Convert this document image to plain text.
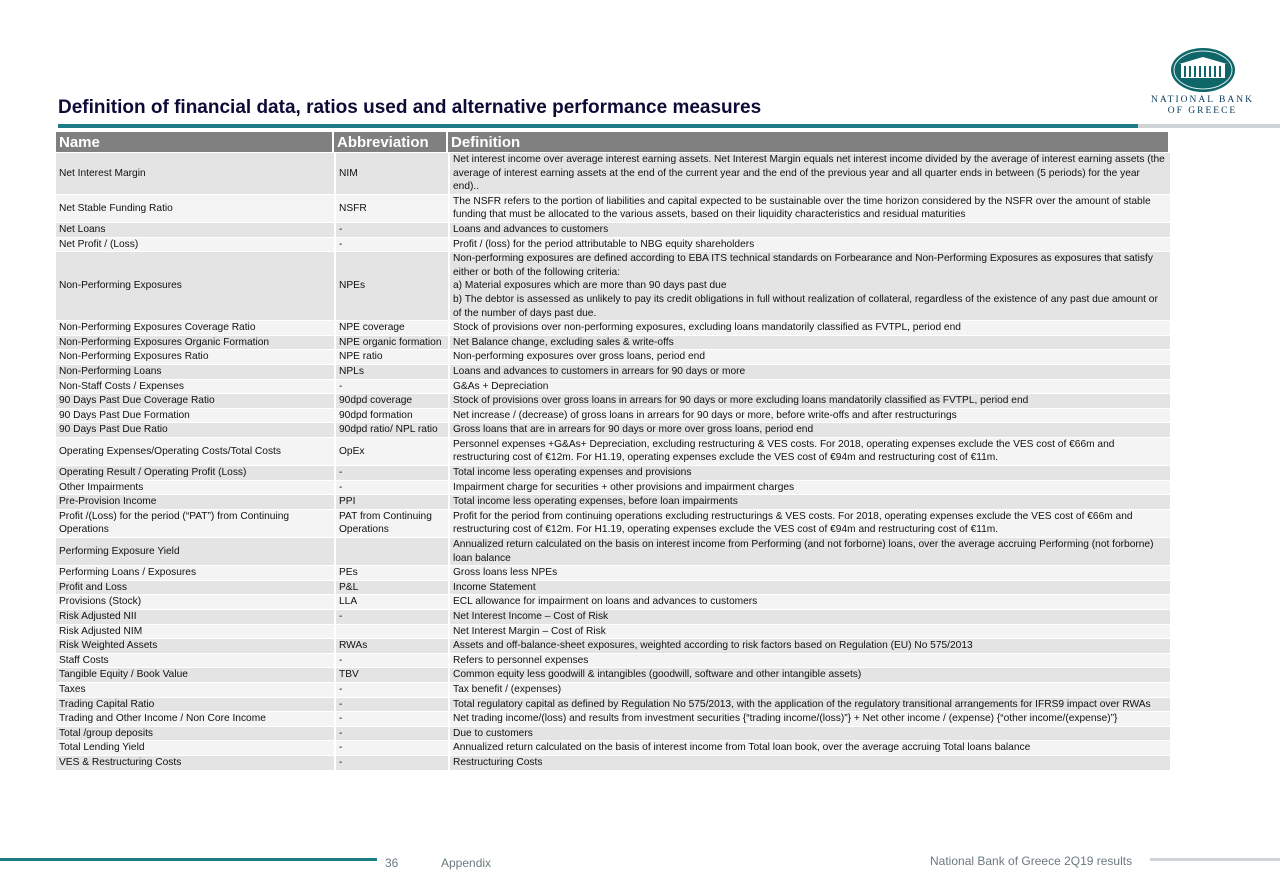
Definition of financial data, ratios used and alternative performance measures	NATIONAL BANK
OF GREECE
Name	Abbreviation	Definition
Net Interest Margin	NIM	Net interest income over average interest earning assets. Net Interest Margin equals net interest income divided by the average of interest earning assets (the average of interest earning assets at the end of the current year and the end of the previous year and all quarter ends in between (5 periods) for the year end)..
Net Stable Funding Ratio	NSFR	The NSFR refers to the portion of liabilities and capital expected to be sustainable over the time horizon considered by the NSFR over the amount of stable funding that must be allocated to the various assets, based on their liquidity characteristics and residual maturities
Net Loans	-	Loans and advances to customers
Net Profit / (Loss)	-	Profit / (loss) for the period attributable to NBG equity shareholders
Non-Performing Exposures	NPEs	Non-performing exposures are defined according to EBA ITS technical standards on Forbearance and Non-Performing Exposures as exposures that satisfy either or both of the following criteria:
a) Material exposures which are more than 90 days past due
b) The debtor is assessed as unlikely to pay its credit obligations in full without realization of collateral, regardless of the existence of any past due amount or of the number of days past due.
Non-Performing Exposures Coverage Ratio	NPE coverage	Stock of provisions over non-performing exposures, excluding loans mandatorily classified as FVTPL, period end
Non-Performing Exposures Organic Formation	NPE organic formation	Net Balance change, excluding sales & write-offs
Non-Performing Exposures Ratio	NPE ratio	Non-performing exposures over gross loans, period end
Non-Performing Loans	NPLs	Loans and advances to customers in arrears for 90 days or more
Non-Staff Costs / Expenses	-	G&As + Depreciation
90 Days Past Due Coverage Ratio	90dpd coverage	Stock of provisions over gross loans in arrears for 90 days or more excluding loans mandatorily classified as FVTPL, period end
90 Days Past Due Formation	90dpd formation	Net increase / (decrease) of gross loans in arrears for 90 days or more, before write-offs and after restructurings
90 Days Past Due Ratio	90dpd ratio/ NPL ratio	Gross loans that are in arrears for 90 days or more over gross loans, period end
Operating Expenses/Operating Costs/Total Costs	OpEx	Personnel expenses +G&As+ Depreciation, excluding restructuring & VES costs. For 2018, operating expenses exclude the VES cost of €66m and restructuring cost of €12m. For H1.19, operating expenses exclude the VES cost of €94m and restructuring cost of €11m.
Operating Result / Operating Profit (Loss)	-	Total income less operating expenses and provisions
Other Impairments	-	Impairment charge for securities + other provisions and impairment charges
Pre-Provision Income	PPI	Total income less operating expenses, before loan impairments
Profit /(Loss) for the period (“PAT”) from Continuing Operations	PAT from Continuing Operations	Profit for the period from continuing operations excluding restructurings & VES costs. For 2018, operating expenses exclude the VES cost of €66m and restructuring cost of €12m. For H1.19, operating expenses exclude the VES cost of €94m and restructuring cost of €11m.
Performing Exposure Yield		Annualized return calculated on the basis on interest income from Performing (and not forborne) loans, over the average accruing Performing (not forborne) loan balance
Performing Loans / Exposures	PEs	Gross loans less NPEs
Profit and Loss	P&L	Income Statement
Provisions (Stock)	LLA	ECL allowance for impairment on loans and advances to customers
Risk Adjusted NII	-	Net Interest Income – Cost of Risk
Risk Adjusted NIM		Net Interest Margin – Cost of Risk
Risk Weighted Assets	RWAs	Assets and off-balance-sheet exposures, weighted according to risk factors based on Regulation (EU) No 575/2013
Staff Costs	-	Refers to personnel expenses
Tangible Equity / Book Value	TBV	Common equity less goodwill & intangibles (goodwill, software and other intangible assets)
Taxes	-	Tax benefit / (expenses)
Trading Capital Ratio	-	Total regulatory capital as defined by Regulation No 575/2013, with the application of the regulatory transitional arrangements for IFRS9 impact over RWAs
Trading and Other Income / Non Core Income	-	Net trading income/(loss) and results from investment securities {“trading income/(loss)”} + Net other income / (expense) {“other income/(expense)”}
Total /group deposits	-	Due to customers
Total Lending Yield	-	Annualized return calculated on the basis of interest income from Total loan book, over the average accruing Total loans balance
VES & Restructuring Costs	-	Restructuring Costs
36	Appendix	National Bank of Greece 2Q19 results
